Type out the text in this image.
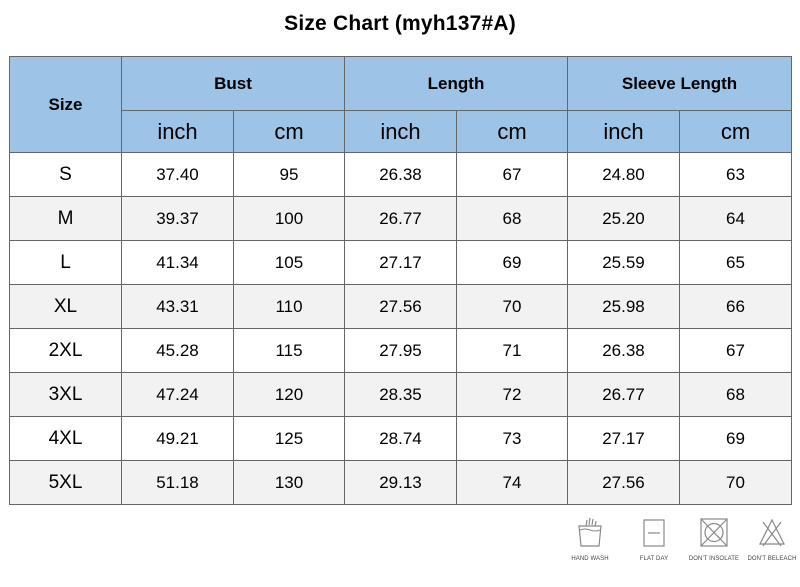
Size Chart (myh137#A)
Size	Bust		Length		Sleeve Length	
	inch	cm	inch	cm	inch	cm
S	37.40	95	26.38	67	24.80	63
M	39.37	100	26.77	68	25.20	64
L	41.34	105	27.17	69	25.59	65
XL	43.31	110	27.56	70	25.98	66
2XL	45.28	115	27.95	71	26.38	67
3XL	47.24	120	28.35	72	26.77	68
4XL	49.21	125	28.74	73	27.17	69
5XL	51.18	130	29.13	74	27.56	70
HAND WASH	FLAT DAY	DON'T INSOLATE	DON'T BELEACH
